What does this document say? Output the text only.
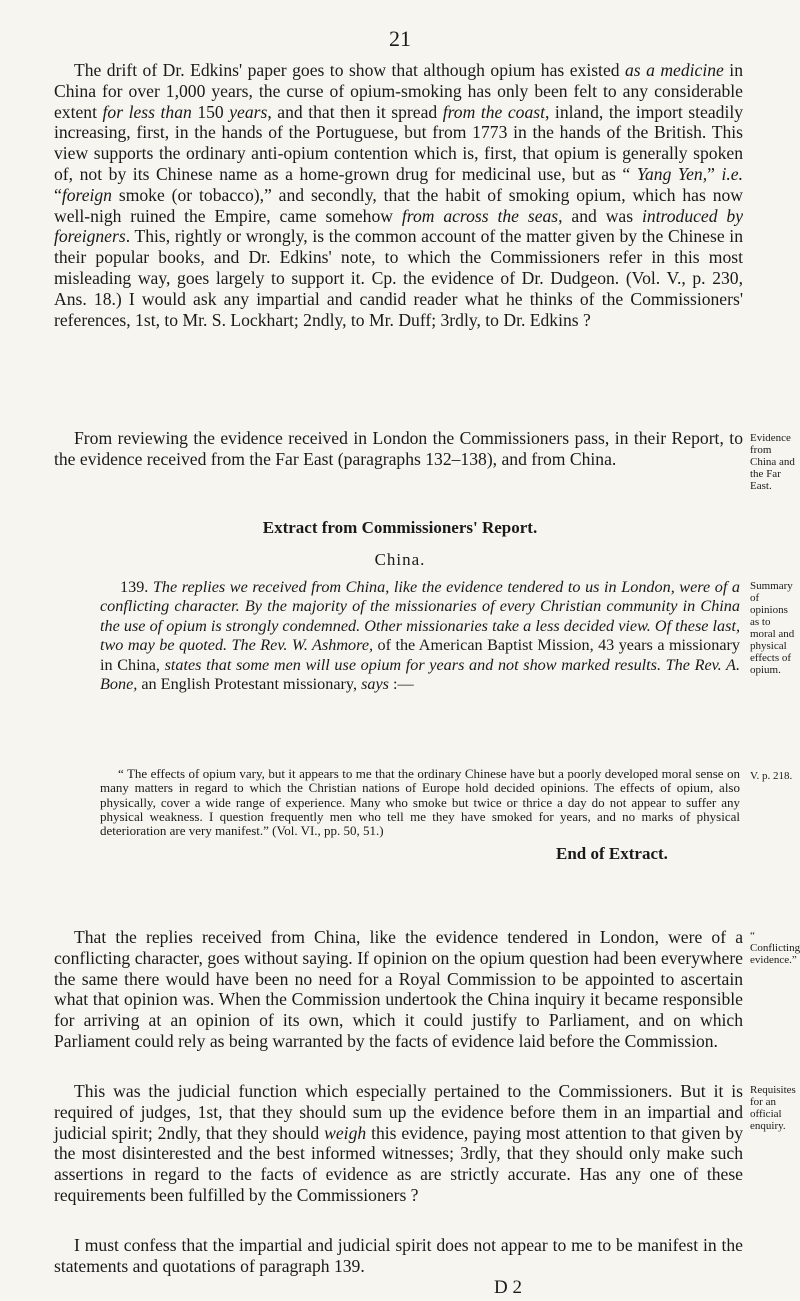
21

The drift of Dr. Edkins' paper goes to show that although opium has existed as a medicine in China for over 1,000 years, the curse of opium-smoking has only been felt to any considerable extent for less than 150 years, and that then it spread from the coast, inland, the import steadily increasing, first, in the hands of the Portuguese, but from 1773 in the hands of the British. This view supports the ordinary anti-opium contention which is, first, that opium is generally spoken of, not by its Chinese name as a home-grown drug for medicinal use, but as “ Yang Yen,” i.e. “foreign smoke (or tobacco),” and secondly, that the habit of smoking opium, which has now well-nigh ruined the Empire, came somehow from across the seas, and was introduced by foreigners. This, rightly or wrongly, is the common account of the matter given by the Chinese in their popular books, and Dr. Edkins' note, to which the Commissioners refer in this most misleading way, goes largely to support it. Cp. the evidence of Dr. Dudgeon. (Vol. V., p. 230, Ans. 18.) I would ask any impartial and candid reader what he thinks of the Commissioners' references, 1st, to Mr. S. Lockhart; 2ndly, to Mr. Duff; 3rdly, to Dr. Edkins ?

From reviewing the evidence received in London the Commissioners pass, in their Report, to the evidence received from the Far East (paragraphs 132–138), and from China.

Evidence from China and the Far East.
Extract from Commissioners' Report.
China.

139. The replies we received from China, like the evidence tendered to us in London, were of a conflicting character. By the majority of the missionaries of every Christian community in China the use of opium is strongly condemned. Other missionaries take a less decided view. Of these last, two may be quoted. The Rev. W. Ashmore, of the American Baptist Mission, 43 years a missionary in China, states that some men will use opium for years and not show marked results. The Rev. A. Bone, an English Protestant missionary, says :—

Summary of opinions as to moral and physical effects of opium.

“ The effects of opium vary, but it appears to me that the ordinary Chinese have but a poorly developed moral sense on many matters in regard to which the Christian nations of Europe hold decided opinions. The effects of opium, also physically, cover a wide range of experience. Many who smoke but twice or thrice a day do not appear to suffer any physical weakness. I question frequently men who tell me they have smoked for years, and no marks of physical deterioration are very manifest.” (Vol. VI., pp. 50, 51.)

V. p. 218.
End of Extract.

That the replies received from China, like the evidence tendered in London, were of a conflicting character, goes without saying. If opinion on the opium question had been everywhere the same there would have been no need for a Royal Commission to be appointed to ascertain what that opinion was. When the Commission undertook the China inquiry it became responsible for arriving at an opinion of its own, which it could justify to Parliament, and on which Parliament could rely as being warranted by the facts of evidence laid before the Commission.

“ Conflicting evidence.”

This was the judicial function which especially pertained to the Commissioners. But it is required of judges, 1st, that they should sum up the evidence before them in an impartial and judicial spirit; 2ndly, that they should weigh this evidence, paying most attention to that given by the most disinterested and the best informed witnesses; 3rdly, that they should only make such assertions in regard to the facts of evidence as are strictly accurate. Has any one of these requirements been fulfilled by the Commissioners ?

Requisites for an official enquiry.

I must confess that the impartial and judicial spirit does not appear to me to be manifest in the statements and quotations of paragraph 139.

D 2
